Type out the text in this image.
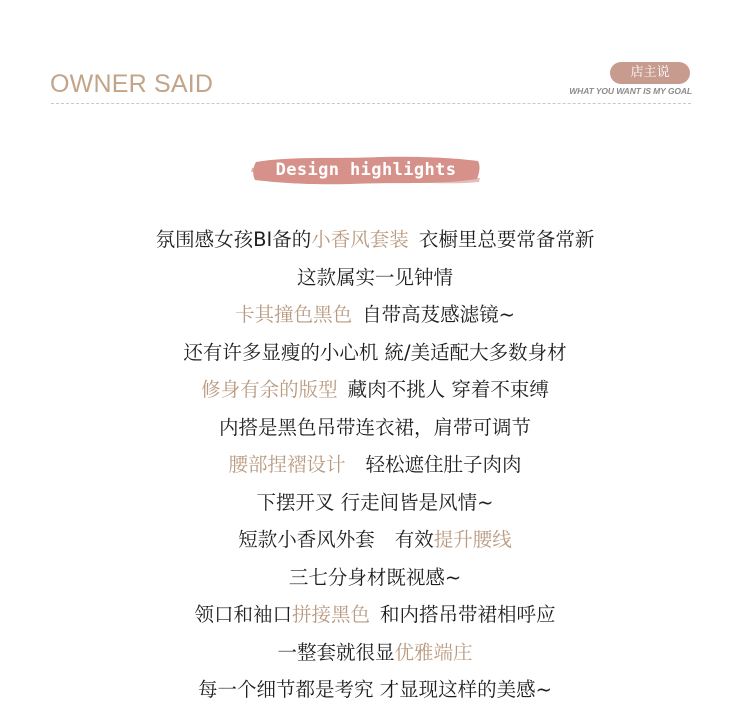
OWNER SAID	店主说
WHAT YOU WANT IS MY GOAL
Design highlights
氛围感女孩BI备的小香风套装 衣橱里总要常备常新
这款属实一见钟情
卡其撞色黑色 自带高芨感滤镜~
还有许多显瘦的小心机 統/美适配大多数身材
修身有余的版型 藏肉不挑人 穿着不束缚
内搭是黑色吊带连衣裙，肩带可调节
腰部捏褶设计 轻松遮住肚子肉肉
下摆开叉 行走间皆是风情~
短款小香风外套 有效提升腰线
三七分身材既视感~
领口和袖口拼接黑色 和内搭吊带裙相呼应
一整套就很显优雅端庄
每一个细节都是考究 才显现这样的美感~
